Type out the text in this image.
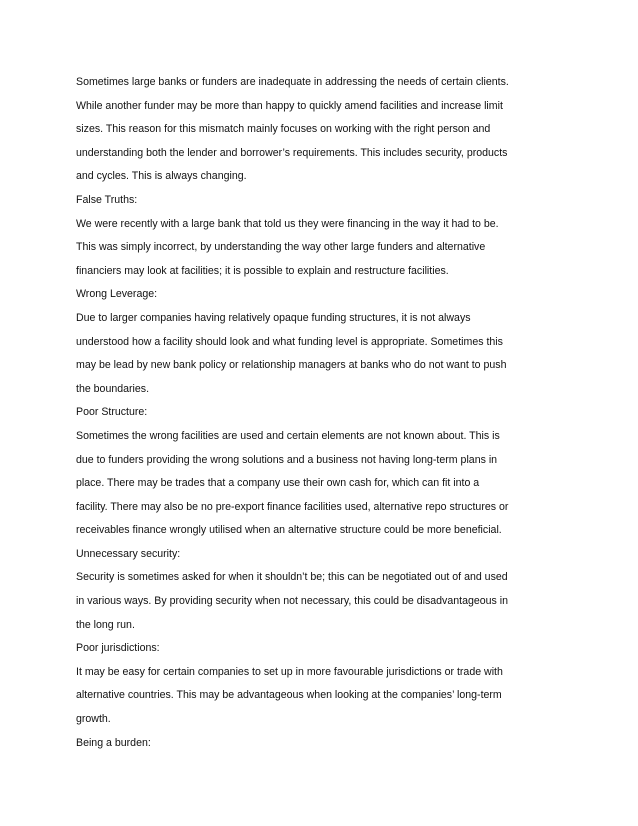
Sometimes large banks or funders are inadequate in addressing the needs of certain clients.
While another funder may be more than happy to quickly amend facilities and increase limit
sizes. This reason for this mismatch mainly focuses on working with the right person and
understanding both the lender and borrower’s requirements. This includes security, products
and cycles. This is always changing.
False Truths:
We were recently with a large bank that told us they were financing in the way it had to be.
This was simply incorrect, by understanding the way other large funders and alternative
financiers may look at facilities; it is possible to explain and restructure facilities.
Wrong Leverage:
Due to larger companies having relatively opaque funding structures, it is not always
understood how a facility should look and what funding level is appropriate. Sometimes this
may be lead by new bank policy or relationship managers at banks who do not want to push
the boundaries.
Poor Structure:
Sometimes the wrong facilities are used and certain elements are not known about. This is
due to funders providing the wrong solutions and a business not having long-term plans in
place. There may be trades that a company use their own cash for, which can fit into a
facility. There may also be no pre-export finance facilities used, alternative repo structures or
receivables finance wrongly utilised when an alternative structure could be more beneficial.
Unnecessary security:
Security is sometimes asked for when it shouldn’t be; this can be negotiated out of and used
in various ways. By providing security when not necessary, this could be disadvantageous in
the long run.
Poor jurisdictions:
It may be easy for certain companies to set up in more favourable jurisdictions or trade with
alternative countries. This may be advantageous when looking at the companies’ long-term
growth.
Being a burden:
